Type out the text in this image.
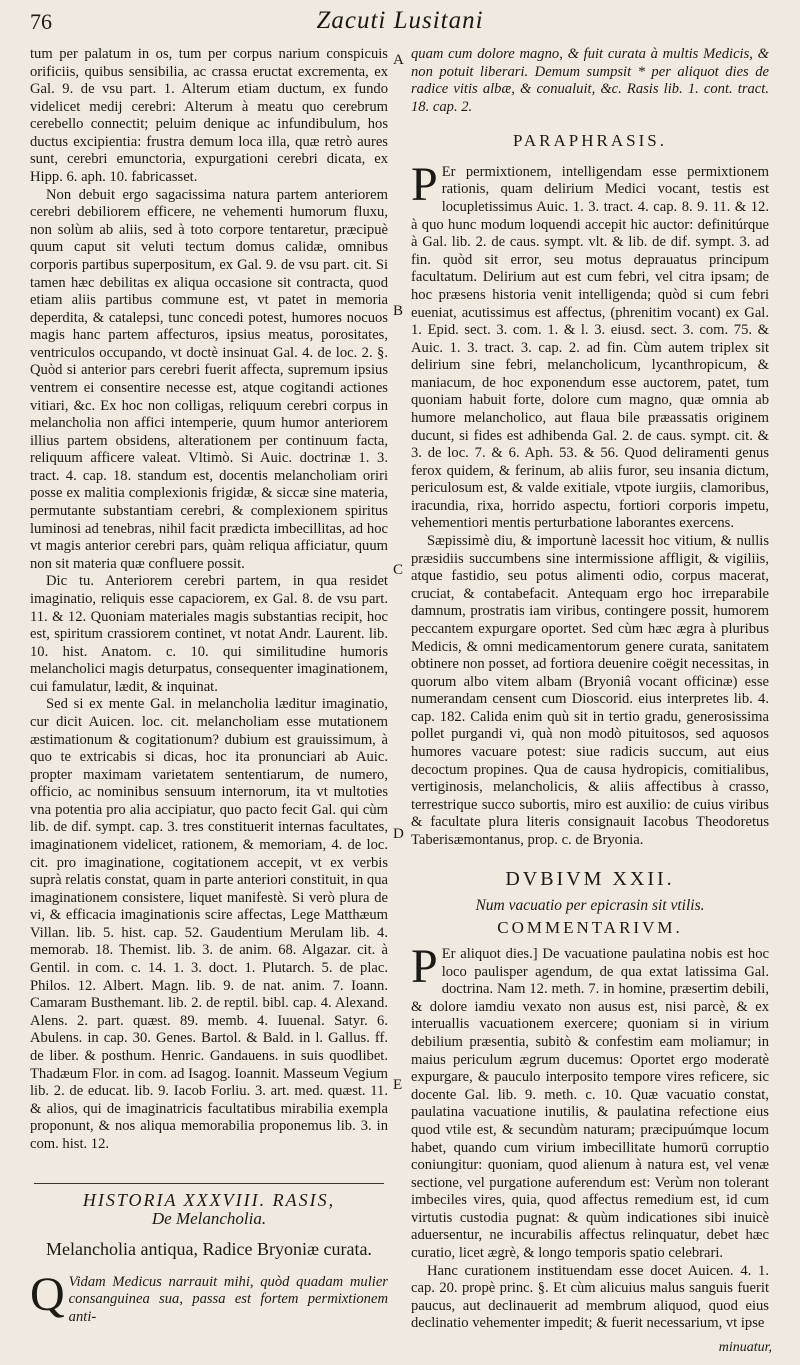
76	Zacuti Lusitani

tum per palatum in os, tum per corpus narium conspicuis orificiis, quibus sensibilia, ac crassa eructat excrementa, ex Gal. 9. de vsu part. 1. Alterum etiam ductum, ex fundo videlicet medij cerebri: Alterum à meatu quo cerebrum cerebello connectit; peluim denique ac infundibulum, hos ductus excipientia: frustra demum loca illa, quæ retrò aures sunt, cerebri emunctoria, expurgationi cerebri dicata, ex Hipp. 6. aph. 10. fabricasset.

Non debuit ergo sagacissima natura partem anteriorem cerebri debiliorem efficere, ne vehementi humorum fluxu, non solùm ab aliis, sed à toto corpore tentaretur, præcipuè quum caput sit veluti tectum domus calidæ, omnibus corporis partibus superpositum, ex Gal. 9. de vsu part. cit. Si tamen hæc debilitas ex aliqua occasione sit contracta, quod etiam aliis partibus commune est, vt patet in memoria deperdita, & catalepsi, tunc concedi potest, humores nocuos magis hanc partem affecturos, ipsius meatus, porositates, ventriculos occupando, vt doctè insinuat Gal. 4. de loc. 2. §. Quòd si anterior pars cerebri fuerit affecta, supremum ipsius ventrem ei consentire necesse est, atque cogitandi actiones vitiari, &c. Ex hoc non colligas, reliquum cerebri corpus in melancholia non affici intemperie, quum humor anteriorem illius partem obsidens, alterationem per continuum facta, reliquum afficere valeat. Vltimò. Si Auic. doctrinæ 1. 3. tract. 4. cap. 18. standum est, docentis melancholiam oriri posse ex malitia complexionis frigidæ, & siccæ sine materia, permutante substantiam cerebri, & complexionem spiritus luminosi ad tenebras, nihil facit prædicta imbecillitas, ad hoc vt magis anterior cerebri pars, quàm reliqua afficiatur, quum non sit materia quæ confluere possit.

Dic tu. Anteriorem cerebri partem, in qua residet imaginatio, reliquis esse capaciorem, ex Gal. 8. de vsu part. 11. & 12. Quoniam materiales magis substantias recipit, hoc est, spiritum crassiorem continet, vt notat Andr. Laurent. lib. 10. hist. Anatom. c. 10. qui similitudine humoris melancholici magis deturpatus, consequenter imaginationem, cui famulatur, lædit, & inquinat.

Sed si ex mente Gal. in melancholia læditur imaginatio, cur dicit Auicen. loc. cit. melancholiam esse mutationem æstimationum & cogitationum? dubium est grauissimum, à quo te extricabis si dicas, hoc ita pronunciari ab Auic. propter maximam varietatem sententiarum, de numero, officio, ac nominibus sensuum internorum, ita vt multoties vna potentia pro alia accipiatur, quo pacto fecit Gal. qui cùm lib. de dif. sympt. cap. 3. tres constituerit internas facultates, imaginationem videlicet, rationem, & memoriam, 4. de loc. cit. pro imaginatione, cogitationem accepit, vt ex verbis suprà relatis constat, quam in parte anteriori constituit, in qua imaginationem consistere, liquet manifestè. Si verò plura de vi, & efficacia imaginationis scire affectas, Lege Matthæum Villan. lib. 5. hist. cap. 52. Gaudentium Merulam lib. 4. memorab. 18. Themist. lib. 3. de anim. 68. Algazar. cit. à Gentil. in com. c. 14. 1. 3. doct. 1. Plutarch. 5. de plac. Philos. 12. Albert. Magn. lib. 9. de nat. anim. 7. Ioann. Camaram Busthemant. lib. 2. de reptil. bibl. cap. 4. Alexand. Alens. 2. part. quæst. 89. memb. 4. Iuuenal. Satyr. 6. Abulens. in cap. 30. Genes. Bartol. & Bald. in l. Gallus. ff. de liber. & posthum. Henric. Gandauens. in suis quodlibet. Thadæum Flor. in com. ad Isagog. Ioannit. Masseum Vegium lib. 2. de educat. lib. 9. Iacob Forliu. 3. art. med. quæst. 11. & alios, qui de imaginatricis facultatibus mirabilia exempla proponunt, & nos aliqua memorabilia proponemus lib. 3. in com. hist. 12.

HISTORIA XXXVIII. RASIS,
De Melancholia.
Melancholia antiqua, Radice Bryoniæ curata.

Q Vidam Medicus narrauit mihi, quòd quadam mulier consanguinea sua, passa est fortem permixtionem anti-

quam cum dolore magno, & fuit curata à multis Medicis, & non potuit liberari. Demum sumpsit * per aliquot dies de radice vitis albæ, & conualuit, &c. Rasis lib. 1. cont. tract. 18. cap. 2.

PARAPHRASIS.

P Er permixtionem, intelligendam esse permixtionem rationis, quam delirium Medici vocant, testis est locupletissimus Auic. 1. 3. tract. 4. cap. 8. 9. 11. & 12. à quo hunc modum loquendi accepit hic auctor: definitúrque à Gal. lib. 2. de caus. sympt. vlt. & lib. de dif. sympt. 3. ad fin. quòd sit error, seu motus deprauatus principum facultatum. Delirium aut est cum febri, vel citra ipsam; de hoc præsens historia venit intelligenda; quòd si cum febri eueniat, acutissimus est affectus, (phrenitim vocant) ex Gal. 1. Epid. sect. 3. com. 1. & l. 3. eiusd. sect. 3. com. 75. & Auic. 1. 3. tract. 3. cap. 2. ad fin. Cùm autem triplex sit delirium sine febri, melancholicum, lycanthropicum, & maniacum, de hoc exponendum esse auctorem, patet, tum quoniam habuit forte, dolore cum magno, quæ omnia ab humore melancholico, aut flaua bile præassatis originem ducunt, si fides est adhibenda Gal. 2. de caus. sympt. cit. & 3. de loc. 7. & 6. Aph. 53. & 56. Quod deliramenti genus ferox quidem, & ferinum, ab aliis furor, seu insania dictum, periculosum est, & valde exitiale, vtpote iurgiis, clamoribus, iracundia, rixa, horrido aspectu, fortiori corporis impetu, vehementiori mentis perturbatione laborantes exercens.

Sæpissimè diu, & importunè lacessit hoc vitium, & nullis præsidiis succumbens sine intermissione affligit, & vigiliis, atque fastidio, seu potus alimenti odio, corpus macerat, cruciat, & contabefacit. Antequam ergo hoc irreparabile damnum, prostratis iam viribus, contingere possit, humorem peccantem expurgare oportet. Sed cùm hæc ægra à pluribus Medicis, & omni medicamentorum genere curata, sanitatem obtinere non posset, ad fortiora deuenire coëgit necessitas, in quorum albo vitem albam (Bryoniâ vocant officinæ) esse numerandam censent cum Dioscorid. eius interpretes lib. 4. cap. 182. Calida enim quù sit in tertio gradu, generosissima pollet purgandi vi, quà non modò pituitosos, sed aquosos humores vacuare potest: siue radicis succum, aut eius decoctum propines. Qua de causa hydropicis, comitialibus, vertiginosis, melancholicis, & aliis affectibus à crasso, terrestrique succo subortis, miro est auxilio: de cuius viribus & facultate plura literis consignauit Iacobus Theodoretus Taberisæmontanus, prop. c. de Bryonia.

DVBIVM XXII.
Num vacuatio per epicrasin sit vtilis.
COMMENTARIVM.

P Er aliquot dies.] De vacuatione paulatina nobis est hoc loco paulisper agendum, de qua extat latissima Gal. doctrina. Nam 12. meth. 7. in homine, præsertim debili, & dolore iamdiu vexato non ausus est, nisi parcè, & ex interuallis vacuationem exercere; quoniam si in virium debilium præsentia, subitò & confestim eam moliamur; in maius periculum ægrum ducemus: Oportet ergo moderatè expurgare, & pauculo interposito tempore vires reficere, sic docente Gal. lib. 9. meth. c. 10. Quæ vacuatio constat, paulatina vacuatione inutilis, & paulatina refectione eius quod vtile est, & secundùm naturam; præcipuúmque locum habet, quando cum virium imbecillitate humorū corruptio coniungitur: quoniam, quod alienum à natura est, vel venæ sectione, vel purgatione auferendum est: Verùm non tolerant imbeciles vires, quia, quod affectus remedium est, id cum virtutis custodia pugnat: & quùm indicationes sibi inuicè aduersentur, ne incurabilis affectus relinquatur, debet hæc curatio, licet ægrè, & longo temporis spatio celebrari.

Hanc curationem instituendam esse docet Auicen. 4. 1. cap. 20. propè princ. §. Et cùm alicuius malus sanguis fuerit paucus, aut declinauerit ad membrum aliquod, quod eius declinatio vehementer impedit; & fuerit necessarium, vt ipse

A
B
C
D
E
minuatur,
